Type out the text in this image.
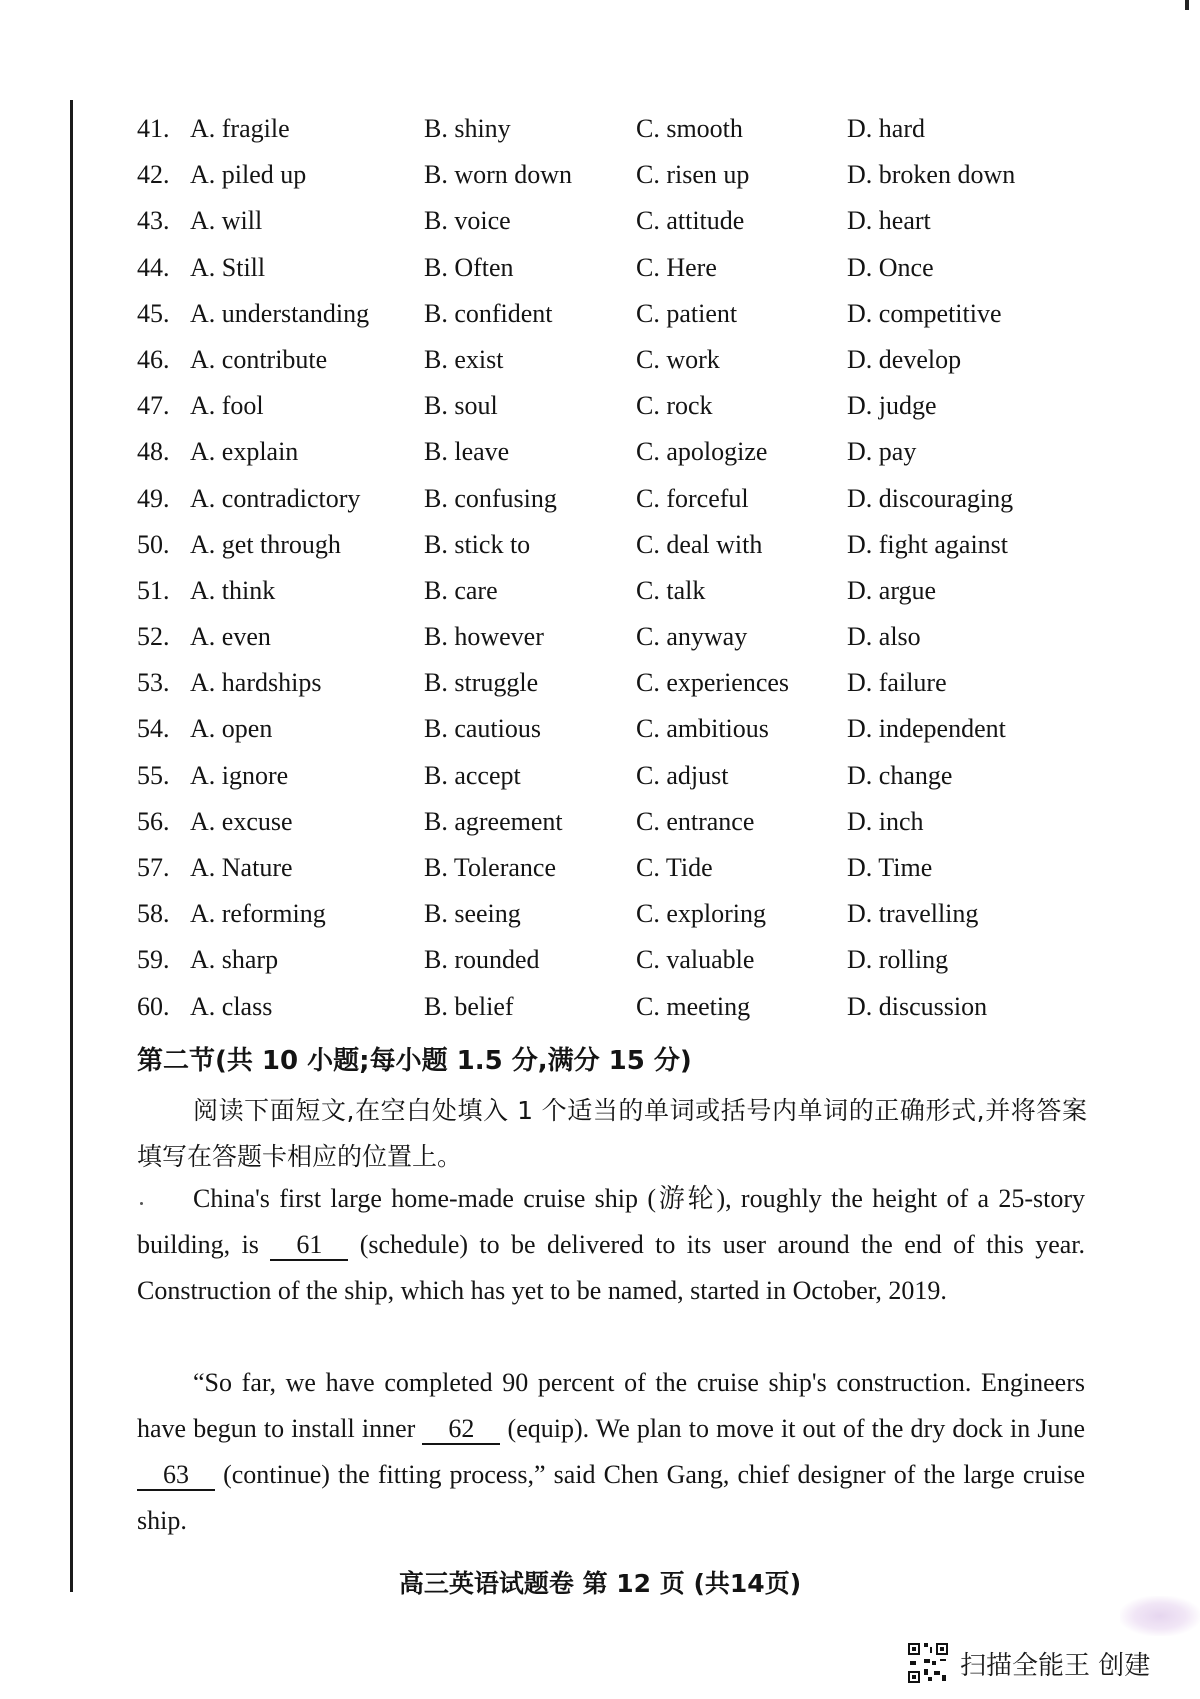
41. A. fragile	B. shiny	C. smooth	D. hard
42. A. piled up	B. worn down C. risen up	D. broken down
43. A. will	B. voice	C. attitude	D. heart
44. A. Still	B. Often	C. Here	D. Once
45. A. understanding B. confident	C. patient	D. competitive
46. A. contribute	B. exist	C. work	D. develop
47. A. fool	B. soul	C. rock	D. judge
48. A. explain	B. leave	C. apologize	D. pay
49. A. contradictory B. confusing	C. forceful	D. discouraging
50. A. get through	B. stick to	C. deal with	D. fight against
51. A. think	B. care	C. talk	D. argue
52. A. even	B. however	C. anyway	D. also
53. A. hardships	B. struggle	C. experiences D. failure
54. A. open	B. cautious	C. ambitious	D. independent
55. A. ignore	B. accept	C. adjust	D. change
56. A. excuse	B. agreement	C. entrance	D. inch
57. A. Nature	B. Tolerance	C. Tide	D. Time
58. A. reforming	B. seeing	C. exploring	D. travelling
59. A. sharp	B. rounded	C. valuable	D. rolling
60. A. class	B. belief	C. meeting	D. discussion
第二节(共 10 小题;每小题 1.5 分,满分 15 分)
阅读下面短文,在空白处填入 1 个适当的单词或括号内单词的正确形式,并将答案填写在答题卡相应的位置上。

China's first large home-made cruise ship (游轮), roughly the height of a 25-story building, is 61 (schedule) to be delivered to its user around the end of this year. Construction of the ship, which has yet to be named, started in October, 2019.

“So far, we have completed 90 percent of the cruise ship's construction. Engineers have begun to install inner 62 (equip). We plan to move it out of the dry dock in June 63 (continue) the fitting process,” said Chen Gang, chief designer of the large cruise ship.

高三英语试题卷 第 12 页 (共14页)
扫描全能王 创建
